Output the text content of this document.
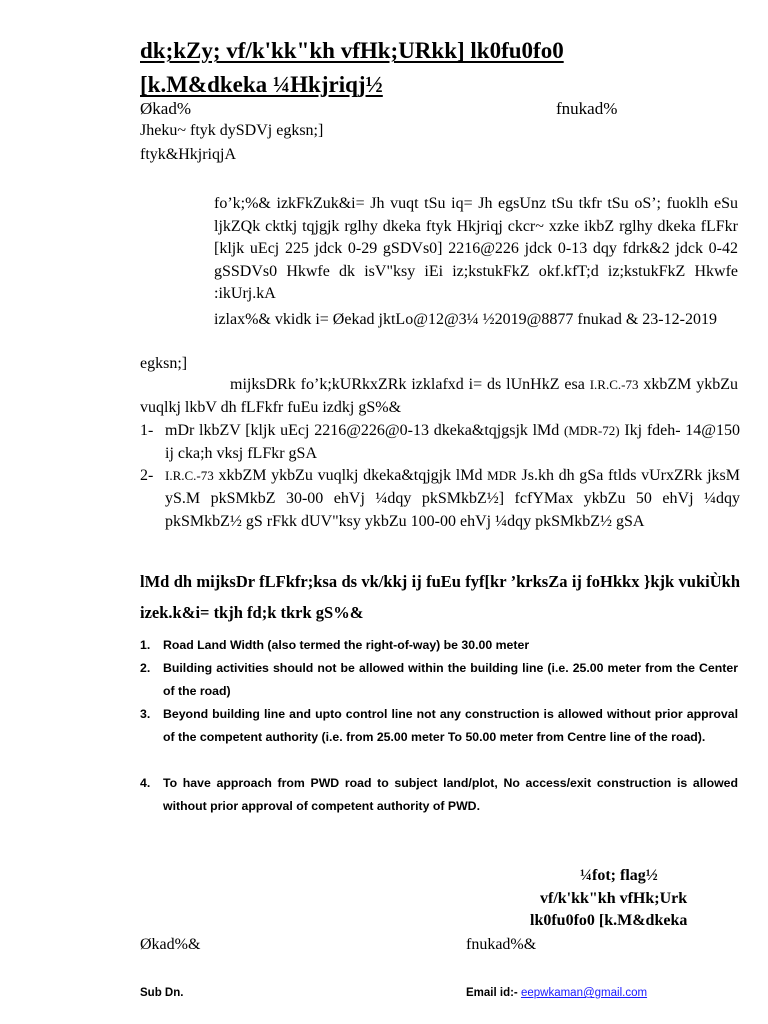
dk;kZy; vf/k'kk"kh vfHk;URkk] lk0fu0fo0
[k.M&dkeka ¼Hkjriqj½
Økad%	fnukad%
Jheku~ ftyk dySDVj egksn;]
ftyk&HkjriqjA
fo’k;%& izkFkZuk&i= Jh vuqt tSu iq= Jh egsUnz tSu tkfr tSu oS’; fuoklh eSu ljkZQk cktkj tqjgjk rglhy dkeka ftyk Hkjriqj ckcr~ xzke ikbZ rglhy dkeka fLFkr [kljk uEcj 225 jdck 0-29 gSDVs0] 2216@226 jdck 0-13 dqy fdrk&2 jdck 0-42 gSSDVs0 Hkwfe dk isV"ksy iEi iz;kstukFkZ okf.kfT;d iz;kstukFkZ Hkwfe :ikUrj.kA
izlax%& vkidk i= Øekad jktLo@12@3¼ ½2019@8877 fnukad & 23-12-2019
egksn;]
mijksDRk fo’k;kURkxZRk izklafxd i= ds lUnHkZ esa I.R.C.-73 xkbZM ykbZu vuqlkj lkbV dh fLFkfr fuEu izdkj gS%&
1- mDr lkbZV [kljk uEcj 2216@226@0-13 dkeka&tqjgsjk lMd (MDR-72) Ikj fdeh- 14@150 ij cka;h vksj fLFkr gSA
2- I.R.C.-73 xkbZM ykbZu vuqlkj dkeka&tqjgjk lMd MDR Js.kh dh gSa ftlds vUrxZRk jksM yS.M pkSMkbZ 30-00 ehVj ¼dqy pkSMkbZ½] fcfYMax ykbZu 50 ehVj ¼dqy pkSMkbZ½ gS rFkk dUV"ksy ykbZu 100-00 ehVj ¼dqy pkSMkbZ½ gSA
lMd dh mijksDr fLFkfr;ksa ds vk/kkj ij fuEu fyf[kr ’krksZa ij foHkkx }kjk vukiÙkh izek.k&i= tkjh fd;k tkrk gS%&
1. Road Land Width (also termed the right-of-way) be 30.00 meter
2. Building activities should not be allowed within the building line (i.e. 25.00 meter from the Center of the road)
3. Beyond building line and upto control line not any construction is allowed without prior approval of the competent authority (i.e. from 25.00 meter To 50.00 meter from Centre line of the road).
4. To have approach from PWD road to subject land/plot, No access/exit construction is allowed without prior approval of competent authority of PWD.
¼fot; flag½
vf/k'kk"kh vfHk;Urk
lk0fu0fo0 [k.M&dkeka
Økad%&	fnukad%&
Sub Dn.	Email id:- eepwkaman@gmail.com
